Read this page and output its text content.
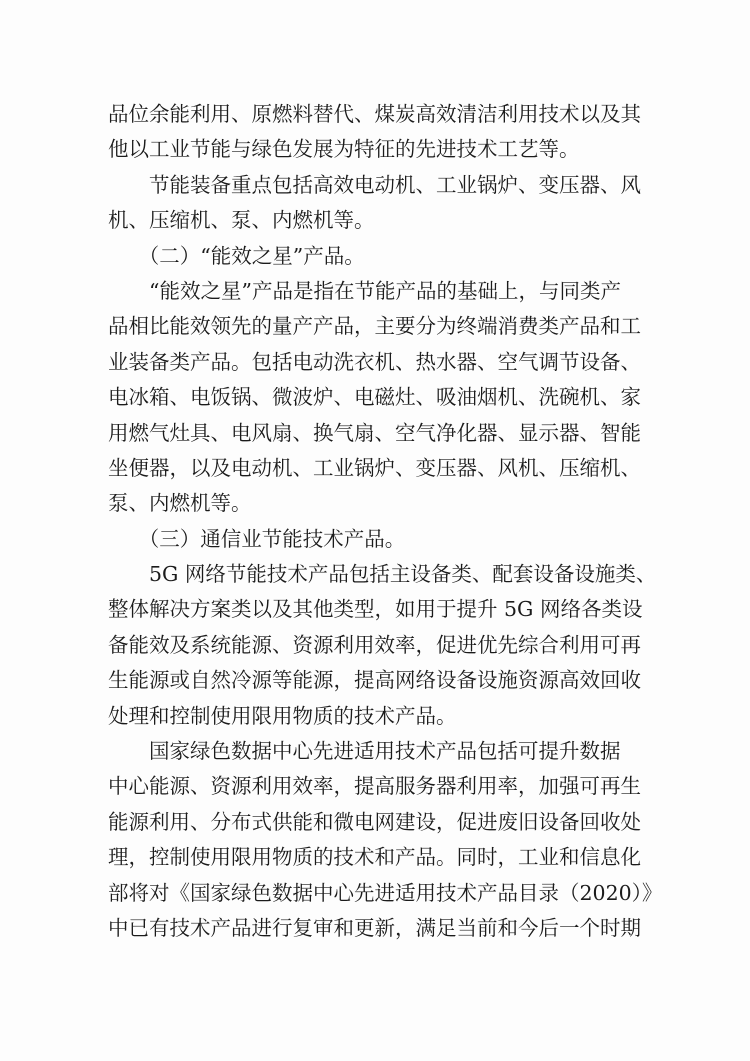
品位余能利用、原燃料替代、煤炭高效清洁利用技术以及其
他以工业节能与绿色发展为特征的先进技术工艺等。
　　节能装备重点包括高效电动机、工业锅炉、变压器、风
机、压缩机、泵、内燃机等。
　　（二）“能效之星”产品。
　　“能效之星”产品是指在节能产品的基础上，与同类产
品相比能效领先的量产产品，主要分为终端消费类产品和工
业装备类产品。包括电动洗衣机、热水器、空气调节设备、
电冰箱、电饭锅、微波炉、电磁灶、吸油烟机、洗碗机、家
用燃气灶具、电风扇、换气扇、空气净化器、显示器、智能
坐便器，以及电动机、工业锅炉、变压器、风机、压缩机、
泵、内燃机等。
　　（三）通信业节能技术产品。
　　5G 网络节能技术产品包括主设备类、配套设备设施类、
整体解决方案类以及其他类型，如用于提升 5G 网络各类设
备能效及系统能源、资源利用效率，促进优先综合利用可再
生能源或自然冷源等能源，提高网络设备设施资源高效回收
处理和控制使用限用物质的技术产品。
　　国家绿色数据中心先进适用技术产品包括可提升数据
中心能源、资源利用效率，提高服务器利用率，加强可再生
能源利用、分布式供能和微电网建设，促进废旧设备回收处
理，控制使用限用物质的技术和产品。同时，工业和信息化
部将对《国家绿色数据中心先进适用技术产品目录（2020）》
中已有技术产品进行复审和更新，满足当前和今后一个时期
